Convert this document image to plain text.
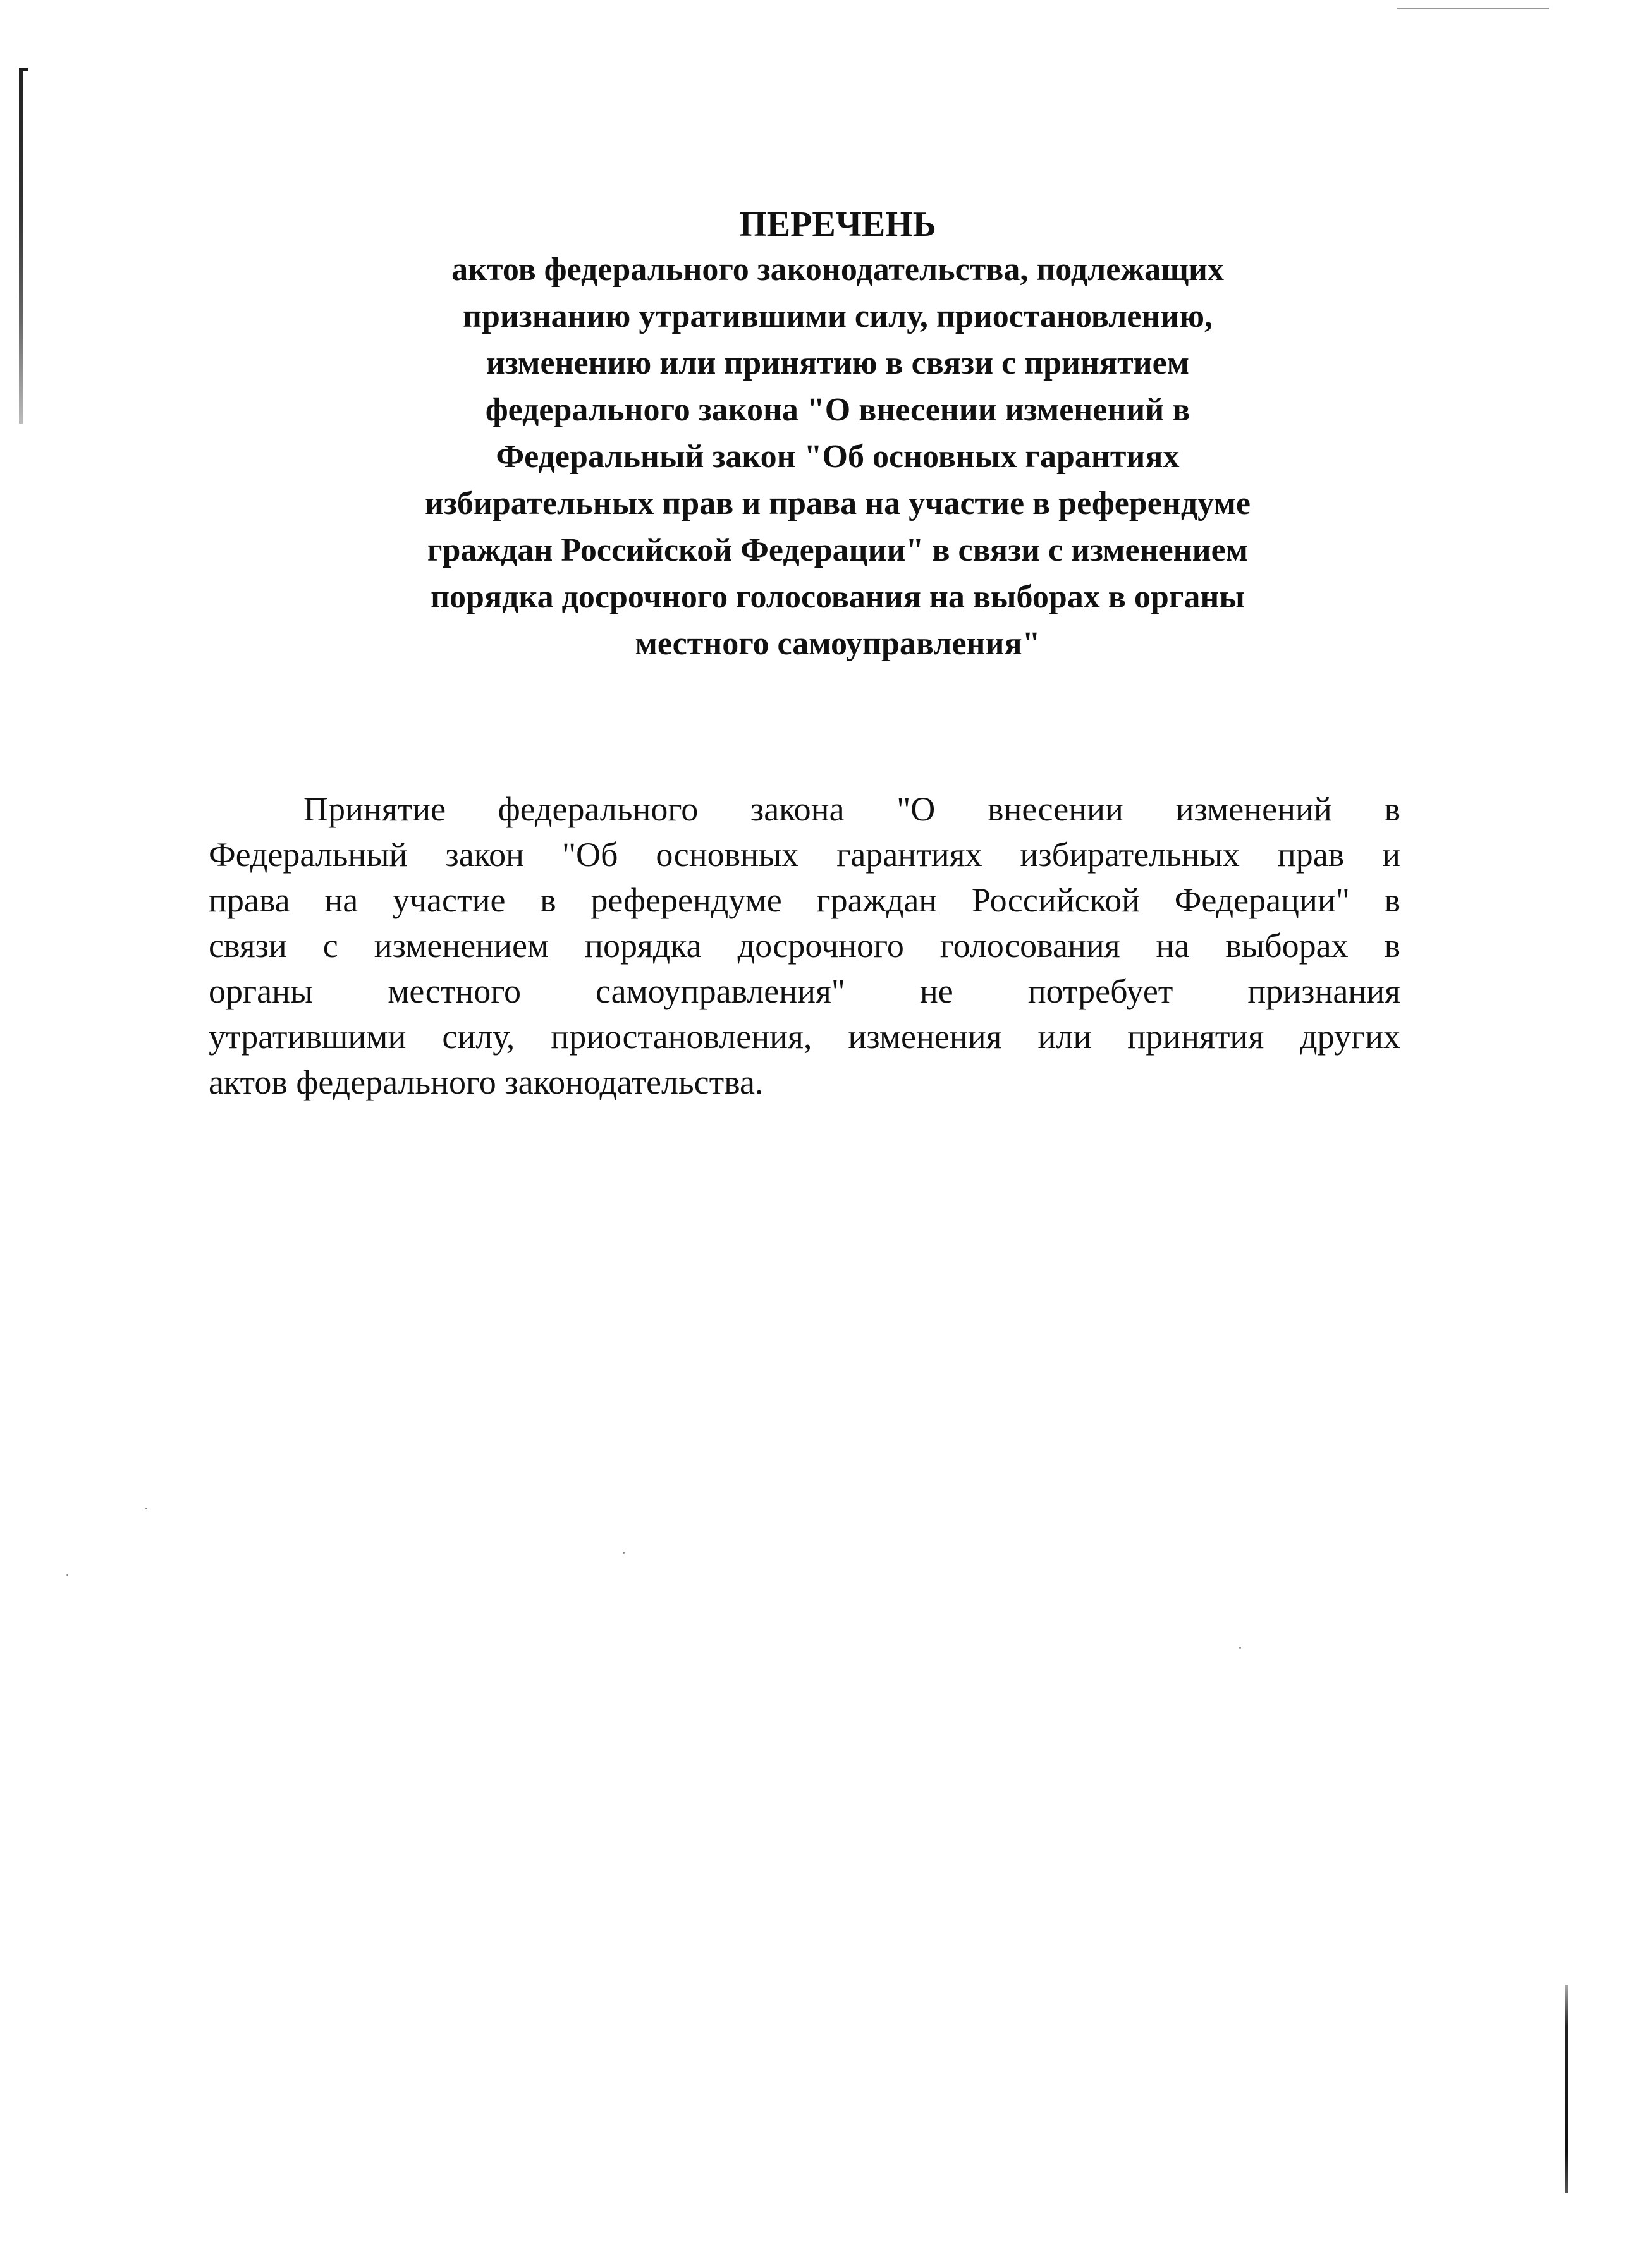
ПЕРЕЧЕНЬ

актов федерального законодательства, подлежащих
признанию утратившими силу, приостановлению,
изменению или принятию в связи с принятием
федерального закона "О внесении изменений в
Федеральный закон "Об основных гарантиях
избирательных прав и права на участие в референдуме
граждан Российской Федерации" в связи с изменением
порядка досрочного голосования на выборах в органы
местного самоуправления"

Принятие федерального закона "О внесении изменений в
Федеральный закон "Об основных гарантиях избирательных прав и
права на участие в референдуме граждан Российской Федерации" в
связи с изменением порядка досрочного голосования на выборах в
органы местного самоуправления" не потребует признания
утратившими силу, приостановления, изменения или принятия других
актов федерального законодательства.
